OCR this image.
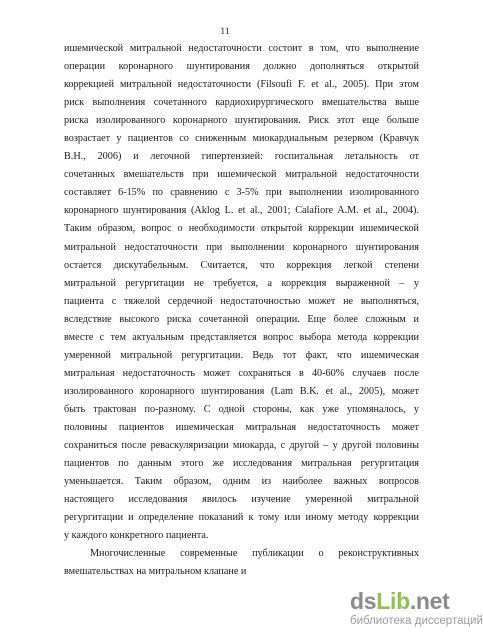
11
ишемической митральной недостаточности состоит в том, что выполнение
операции коронарного шунтирования должно дополняться открытой
коррекцией митральной недостаточности (Filsoufi F. et al., 2005). При этом
риск выполнения сочетанного кардиохирургического вмешательства выше
риска изолированного коронарного шунтирования. Риск этот еще больше
возрастает у пациентов со сниженным миокардиальным резервом (Кравчук
В.Н., 2006) и легочной гипертензией: госпитальная летальность от
сочетанных вмешательств при ишемической митральной недостаточности
составляет 6-15% по сравнению с 3-5% при выполнении изолированного
коронарного шунтирования (Aklog L. et al., 2001; Calafiore A.M. et al., 2004).
Таким образом, вопрос о необходимости открытой коррекции ишемической
митральной недостаточности при выполнении коронарного шунтирования
остается дискутабельным. Считается, что коррекция легкой степени
митральной регургитации не требуется, а коррекция выраженной – у
пациента с тяжелой сердечной недостаточностью может не выполняться,
вследствие высокого риска сочетанной операции. Еще более сложным и
вместе с тем актуальным представляется вопрос выбора метода коррекции
умеренной митральной регургитации. Ведь тот факт, что ишемическая
митральная недостаточность может сохраняться в 40-60% случаев после
изолированного коронарного шунтирования (Lam B.K. et al., 2005), может
быть трактован по-разному. С одной стороны, как уже упомяналось, у
половины пациентов ишемическая митральная недостаточность может
сохраниться после реваскуляризации миокарда, с другой – у другой половины
пациентов по данным этого же исследования митральная регургитация
уменьшается. Таким образом, одним из наиболее важных вопросов
настоящего исследования явилось изучение умеренной митральной
регургитации и определение показаний к тому или иному методу коррекции
у каждого конкретного пациента.
Многочисленные современные публикации о реконструктивных
вмешательствах на митральном клапане и
dsLib.net
библиотека диссертаций
